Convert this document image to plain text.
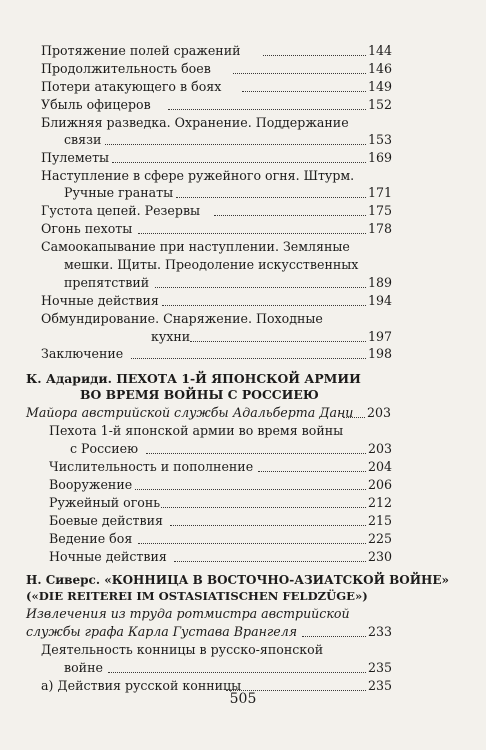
Протяжение полей сражений	144
Продолжительность боев	146
Потери атакующего в боях	149
Убыль офицеров	152
Ближняя разведка. Охранение. Поддержание
связи	153
Пулеметы	169
Наступление в сфере ружейного огня. Штурм.
Ручные гранаты	171
Густота цепей. Резервы	175
Огонь пехоты	178
Самоокапывание при наступлении. Земляные
мешки. Щиты. Преодоление искусственных
препятствий	189
Ночные действия	194
Обмундирование. Снаряжение. Походные
кухни	197
Заключение	198
К. Адариди. ПЕХОТА 1-Й ЯПОНСКОЙ АРМИИ
ВО ВРЕМЯ ВОЙНЫ С РОССИЕЮ
Майора австрийской службы Адальберта Дани 203
Пехота 1-й японской армии во время войны
с Россиею	203
Числительность и пополнение	204
Вооружение	206
Ружейный огонь	212
Боевые действия	215
Ведение боя	225
Ночные действия	230
Н. Сиверс. «КОННИЦА В ВОСТОЧНО-АЗИАТСКОЙ ВОЙНЕ»
(«DIE REITEREI IM OSTASIATISCHEN FELDZÜGE»)
Извлечения из труда ротмистра австрийской
службы графа Карла Густава Врангеля	233
Деятельность конницы в русско-японской
войне	235
а) Действия русской конницы	235
505
